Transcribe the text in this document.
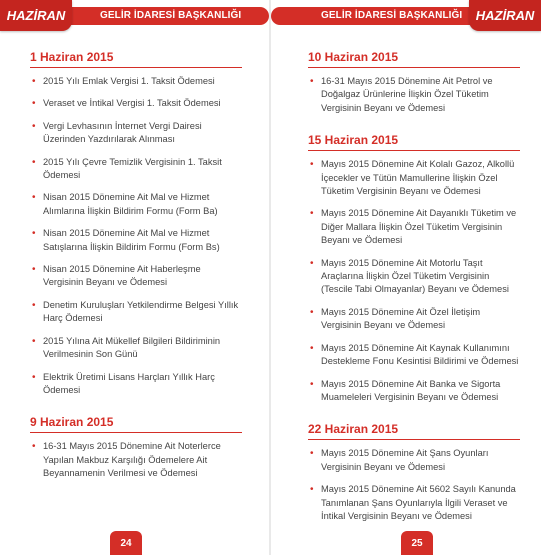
GELİR İDARESİ BAŞKANLIĞI
HAZİRAN
1 Haziran 2015
• 2015 Yılı Emlak Vergisi 1. Taksit Ödemesi
• Veraset ve İntikal Vergisi 1. Taksit Ödemesi
• Vergi Levhasının İnternet Vergi Dairesi Üzerinden Yazdırılarak Alınması
• 2015 Yılı Çevre Temizlik Vergisinin 1. Taksit Ödemesi
• Nisan 2015 Dönemine Ait Mal ve Hizmet Alımlarına İlişkin Bildirim Formu (Form Ba)
• Nisan 2015 Dönemine Ait Mal ve Hizmet Satışlarına İlişkin Bildirim Formu (Form Bs)
• Nisan 2015 Dönemine Ait Haberleşme Vergisinin Beyanı ve Ödemesi
• Denetim Kuruluşları Yetkilendirme Belgesi Yıllık Harç Ödemesi
• 2015 Yılına Ait Mükellef Bilgileri Bildiriminin Verilmesinin Son Günü
• Elektrik Üretimi Lisans Harçları Yıllık Harç Ödemesi
9 Haziran 2015
• 16-31 Mayıs 2015 Dönemine Ait Noterlerce Yapılan Makbuz Karşılığı Ödemelere Ait Beyannamenin Verilmesi ve Ödemesi
24
GELİR İDARESİ BAŞKANLIĞI	HAZİRAN
10 Haziran 2015
• 16-31 Mayıs 2015 Dönemine Ait Petrol ve Doğalgaz Ürünlerine İlişkin Özel Tüketim Vergisinin Beyanı ve Ödemesi
15 Haziran 2015
• Mayıs 2015 Dönemine Ait Kolalı Gazoz, Alkollü İçecekler ve Tütün Mamullerine İlişkin Özel Tüketim Vergisinin Beyanı ve Ödemesi
• Mayıs 2015 Dönemine Ait Dayanıklı Tüketim ve Diğer Mallara İlişkin Özel Tüketim Vergisinin Beyanı ve Ödemesi
• Mayıs 2015 Dönemine Ait Motorlu Taşıt Araçlarına İlişkin Özel Tüketim Vergisinin (Tescile Tabi Olmayanlar) Beyanı ve Ödemesi
• Mayıs 2015 Dönemine Ait Özel İletişim Vergisinin Beyanı ve Ödemesi
• Mayıs 2015 Dönemine Ait Kaynak Kullanımını Destekleme Fonu Kesintisi Bildirimi ve Ödemesi
• Mayıs 2015 Dönemine Ait Banka ve Sigorta Muameleleri Vergisinin Beyanı ve Ödemesi
22 Haziran 2015
• Mayıs 2015 Dönemine Ait Şans Oyunları Vergisinin Beyanı ve Ödemesi
• Mayıs 2015 Dönemine Ait 5602 Sayılı Kanunda Tanımlanan Şans Oyunlarıyla İlgili Veraset ve İntikal Vergisinin Beyanı ve Ödemesi
25
